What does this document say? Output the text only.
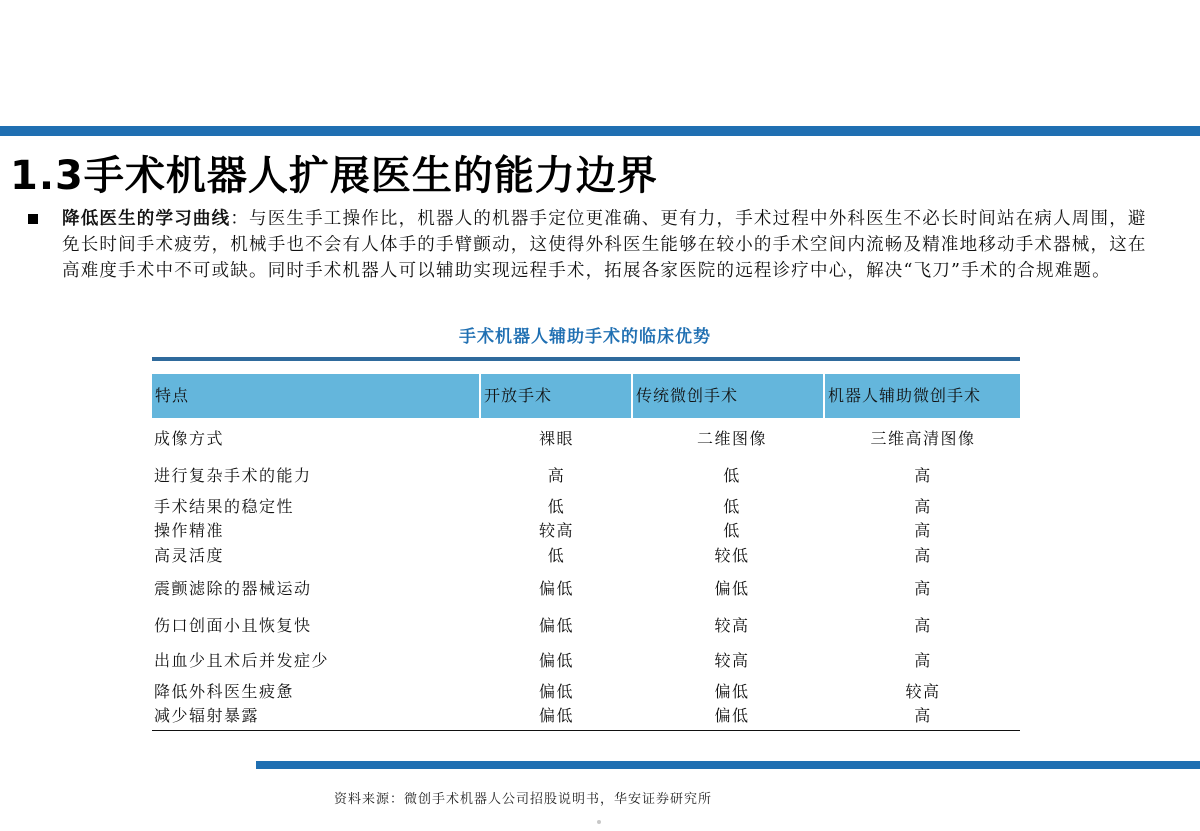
1.3手术机器人扩展医生的能力边界
降低医生的学习曲线：与医生手工操作比，机器人的机器手定位更准确、更有力，手术过程中外科医生不必长时间站在病人周围，避免长时间手术疲劳，机械手也不会有人体手的手臂颤动，这使得外科医生能够在较小的手术空间内流畅及精准地移动手术器械，这在高难度手术中不可或缺。同时手术机器人可以辅助实现远程手术，拓展各家医院的远程诊疗中心，解决“飞刀”手术的合规难题。
手术机器人辅助手术的临床优势
特点	开放手术	传统微创手术	机器人辅助微创手术
成像方式	裸眼	二维图像	三维高清图像
进行复杂手术的能力	高	低	高
手术结果的稳定性	低	低	高
操作精准	较高	低	高
高灵活度	低	较低	高
震颤滤除的器械运动	偏低	偏低	高
伤口创面小且恢复快	偏低	较高	高
出血少且术后并发症少	偏低	较高	高
降低外科医生疲惫	偏低	偏低	较高
减少辐射暴露	偏低	偏低	高
资料来源：微创手术机器人公司招股说明书，华安证券研究所
